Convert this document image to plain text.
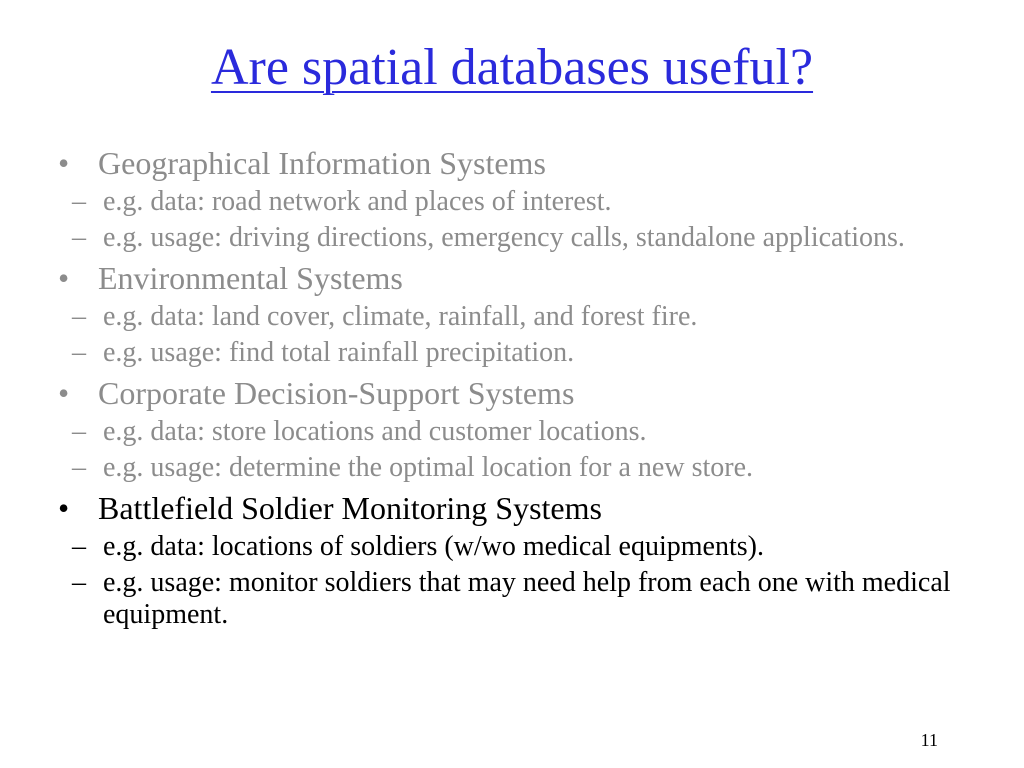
Are spatial databases useful?
• Geographical Information Systems
– e.g. data: road network and places of interest.
– e.g. usage: driving directions, emergency calls, standalone applications.
• Environmental Systems
– e.g. data: land cover, climate, rainfall, and forest fire.
– e.g. usage: find total rainfall precipitation.
• Corporate Decision-Support Systems
– e.g. data: store locations and customer locations.
– e.g. usage: determine the optimal location for a new store.
• Battlefield Soldier Monitoring Systems
– e.g. data: locations of soldiers (w/wo medical equipments).
– e.g. usage: monitor soldiers that may need help from each one with medical equipment.
11
